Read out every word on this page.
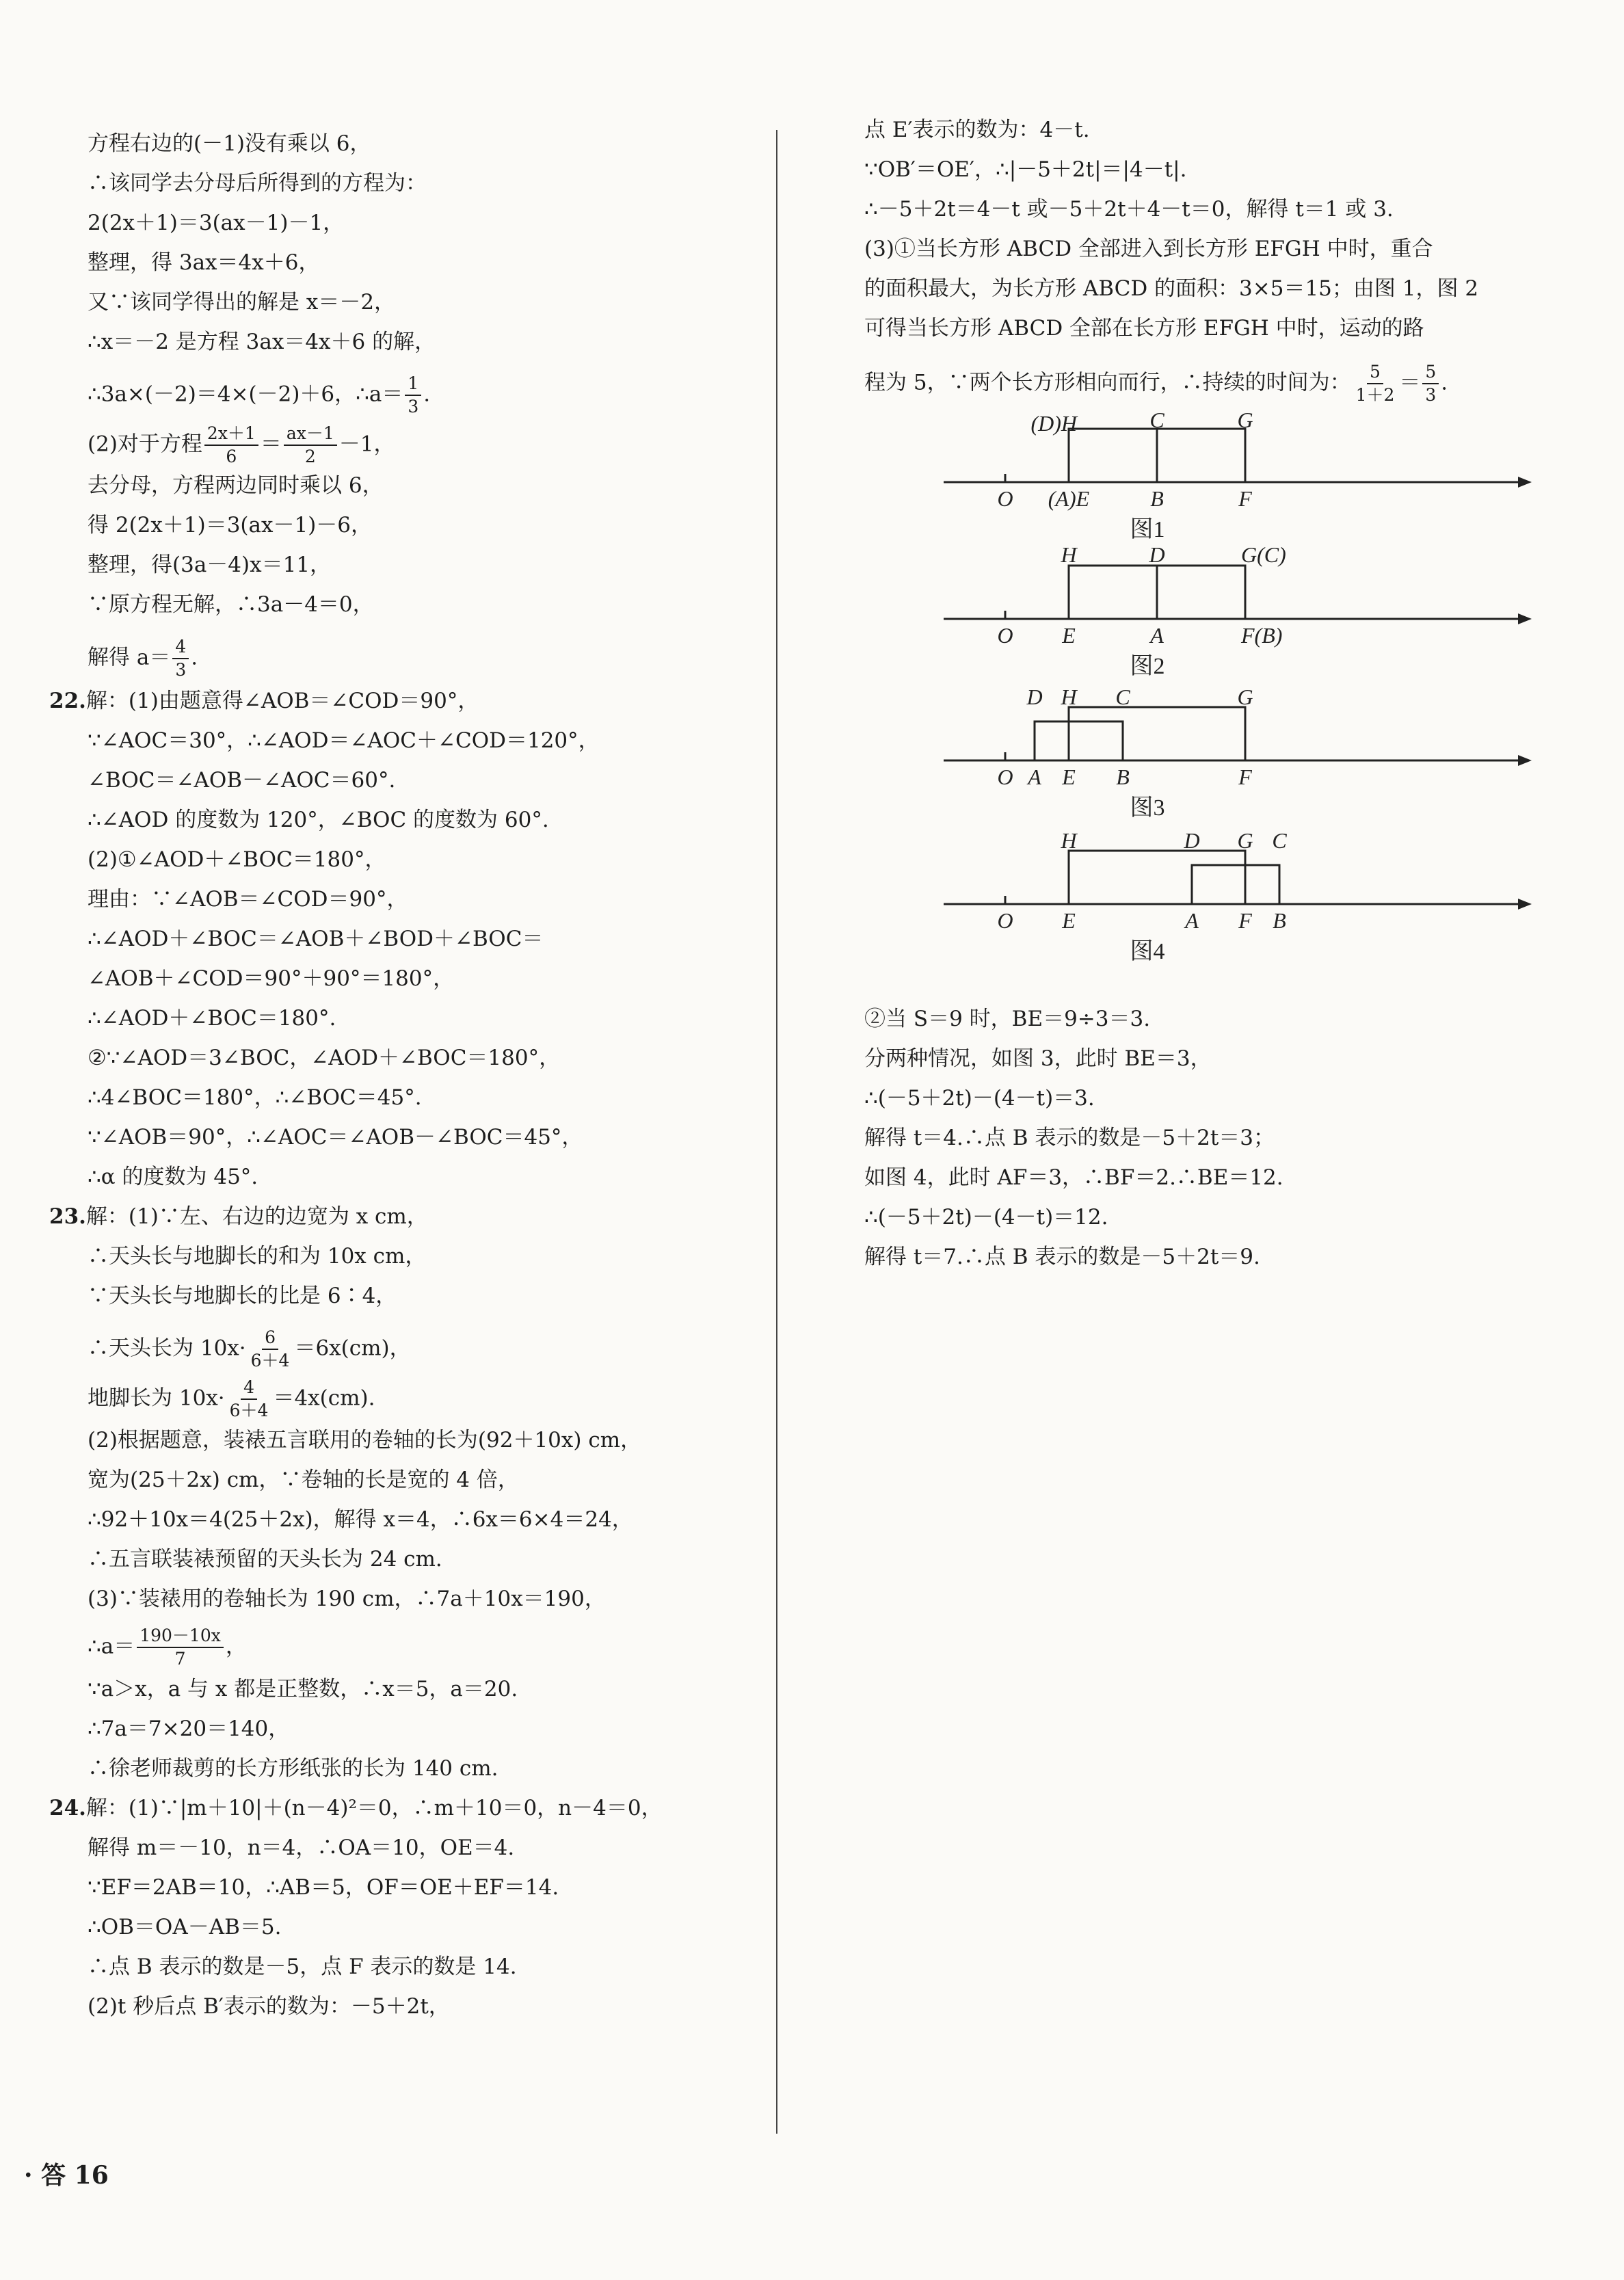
方程右边的(－1)没有乘以 6，
∴该同学去分母后所得到的方程为：
2(2x＋1)＝3(ax－1)－1，
整理，得 3ax＝4x＋6，
又∵该同学得出的解是 x＝－2，
∴x＝－2 是方程 3ax＝4x＋6 的解，
∴3a×(－2)＝4×(－2)＋6，∴a＝ $\frac{1}{3}$ .
(2)对于方程 $\frac{2x+1}{6} = \frac{ax-1}{2} -1$，
去分母，方程两边同时乘以 6，
得 2(2x＋1)＝3(ax－1)－6，
整理，得(3a－4)x＝11，
∵原方程无解，∴3a－4＝0，
解得 $a= \frac{4}{3}$ .
22.解：(1)由题意得∠AOB＝∠COD＝90°，
∵∠AOC＝30°，∴∠AOD＝∠AOC＋∠COD＝120°，
∠BOC＝∠AOB－∠AOC＝60°.
∴∠AOD 的度数为 120°，∠BOC 的度数为 60°.
(2)①∠AOD＋∠BOC＝180°，
理由：∵∠AOB＝∠COD＝90°，
∴∠AOD＋∠BOC＝∠AOB＋∠BOD＋∠BOC＝
∠AOB＋∠COD＝90°＋90°＝180°，
∴∠AOD＋∠BOC＝180°.
②∵∠AOD＝3∠BOC，∠AOD＋∠BOC＝180°，
∴4∠BOC＝180°，∴∠BOC＝45°.
∵∠AOB＝90°，∴∠AOC＝∠AOB－∠BOC＝45°，
∴α 的度数为 45°.
23.解：(1)∵左、右边的边宽为 x cm，
∴天头长与地脚长的和为 10x cm，
∵天头长与地脚长的比是 6∶4，
∴天头长为 $10x\cdot \frac{6}{6+4} =6x(cm)$，
地脚长为 $10x\cdot \frac{4}{6+4} =4x(cm)$.
(2)根据题意，装裱五言联用的卷轴的长为(92＋10x) cm，
宽为(25＋2x) cm，∵卷轴的长是宽的 4 倍，
∴92＋10x＝4(25＋2x)，解得 x＝4，∴6x＝6×4＝24，
∴五言联装裱预留的天头长为 24 cm.
(3)∵装裱用的卷轴长为 190 cm，∴7a＋10x＝190，
∴a＝ $\frac{190-10x}{7}$ ，
∵a＞x，a 与 x 都是正整数，∴x＝5，a＝20.
∴7a＝7×20＝140，
∴徐老师裁剪的长方形纸张的长为 140 cm.
24.解：(1)∵|m＋10|＋(n－4)²＝0，∴m＋10＝0，n－4＝0，
解得 m＝－10，n＝4，∴OA＝10，OE＝4.
∵EF＝2AB＝10，∴AB＝5，OF＝OE＋EF＝14.
∴OB＝OA－AB＝5.
∴点 B 表示的数是－5，点 F 表示的数是 14.
(2)t 秒后点 B′表示的数为：－5＋2t，
点 E′表示的数为：4－t.
∵OB′＝OE′，∴|－5＋2t|＝|4－t|.
∴－5＋2t＝4－t 或－5＋2t＋4－t＝0，解得 t＝1 或 3.
(3)①当长方形 ABCD 全部进入到长方形 EFGH 中时，重合
的面积最大，为长方形 ABCD 的面积：3×5＝15；由图 1，图 2
可得当长方形 ABCD 全部在长方形 EFGH 中时，运动的路
程为 5，∵两个长方形相向而行，∴持续的时间为： $\frac{5}{1+2} = \frac{5}{3}$ .
(D)H	C	G
O (A)E	B	F
图1
H	D	G(C)
O E	A	F(B)
图2
D H C	G
O A E B	F
图3
H	D G C
O E	A F B
图4
②当 S＝9 时，BE＝9÷3＝3.
分两种情况，如图 3，此时 BE＝3，
∴(－5＋2t)－(4－t)＝3.
解得 t＝4.∴点 B 表示的数是－5＋2t＝3；
如图 4，此时 AF＝3，∴BF＝2.∴BE＝12.
∴(－5＋2t)－(4－t)＝12.
解得 t＝7.∴点 B 表示的数是－5＋2t＝9.
· 答 16
